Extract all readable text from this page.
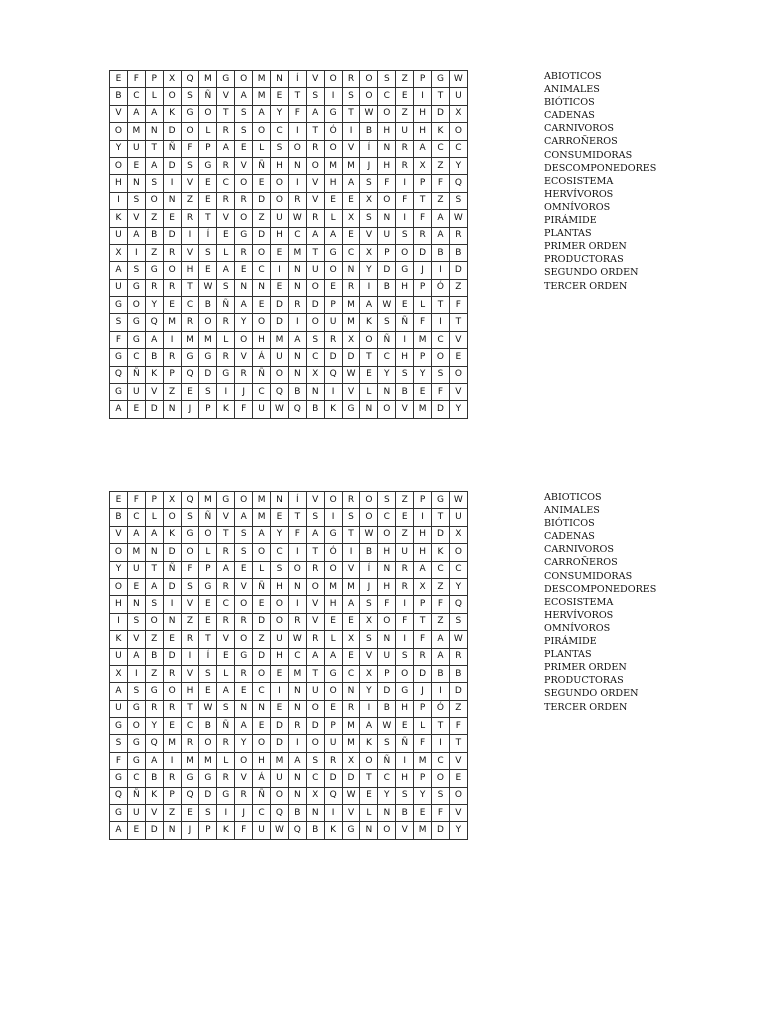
E	F	P	X	Q	M	G	O	M	N	Í	V	O	R	O	S	Z	P	G	W
B	C	L	O	S	Ñ	V	A	M	E	T	S	I	S	O	C	E	I	T	U
V	A	A	K	G	O	T	S	A	Y	F	A	G	T	W	O	Z	H	D	X
O	M	N	D	O	L	R	S	O	C	I	T	Ó	I	B	H	U	H	K	O
Y	U	T	Ñ	F	P	A	E	L	S	O	R	O	V	Í	N	R	A	C	C
O	E	A	D	S	G	R	V	Ñ	H	N	O	M	M	J	H	R	X	Z	Y
H	N	S	I	V	E	C	O	E	O	I	V	H	A	S	F	I	P	F	Q
I	S	O	N	Z	E	R	R	D	O	R	V	E	E	X	O	F	T	Z	S
K	V	Z	E	R	T	V	O	Z	U	W	R	L	X	S	N	I	F	A	W
U	A	B	D	I	Í	E	G	D	H	C	A	A	E	V	U	S	R	A	R
X	I	Z	R	V	S	L	R	O	E	M	T	G	C	X	P	O	D	B	B
A	S	G	O	H	E	A	E	C	I	N	U	O	N	Y	D	G	J	I	D
U	G	R	R	T	W	S	N	N	E	N	O	E	R	I	B	H	P	Ó	Z
G	O	Y	E	C	B	Ñ	A	E	D	R	D	P	M	A	W	E	L	T	F
S	G	Q	M	R	O	R	Y	O	D	I	O	U	M	K	S	Ñ	F	I	T
F	G	A	I	M	M	L	O	H	M	A	S	R	X	O	Ñ	I	M	C	V
G	C	B	R	G	G	R	V	Á	U	N	C	D	D	T	C	H	P	O	E
Q	Ñ	K	P	Q	D	G	R	Ñ	O	N	X	Q	W	E	Y	S	Y	S	O
G	U	V	Z	E	S	I	J	C	Q	B	N	I	V	L	N	B	E	F	V
A	E	D	N	J	P	K	F	U	W	Q	B	K	G	N	O	V	M	D	Y
ABIOTICOS
ANIMALES
BIÓTICOS
CADENAS
CARNIVOROS
CARROÑEROS
CONSUMIDORAS
DESCOMPONEDORES
ECOSISTEMA
HERVÍVOROS
OMNÍVOROS
PIRÁMIDE
PLANTAS
PRIMER ORDEN
PRODUCTORAS
SEGUNDO ORDEN
TERCER ORDEN
E	F	P	X	Q	M	G	O	M	N	Í	V	O	R	O	S	Z	P	G	W
B	C	L	O	S	Ñ	V	A	M	E	T	S	I	S	O	C	E	I	T	U
V	A	A	K	G	O	T	S	A	Y	F	A	G	T	W	O	Z	H	D	X
O	M	N	D	O	L	R	S	O	C	I	T	Ó	I	B	H	U	H	K	O
Y	U	T	Ñ	F	P	A	E	L	S	O	R	O	V	Í	N	R	A	C	C
O	E	A	D	S	G	R	V	Ñ	H	N	O	M	M	J	H	R	X	Z	Y
H	N	S	I	V	E	C	O	E	O	I	V	H	A	S	F	I	P	F	Q
I	S	O	N	Z	E	R	R	D	O	R	V	E	E	X	O	F	T	Z	S
K	V	Z	E	R	T	V	O	Z	U	W	R	L	X	S	N	I	F	A	W
U	A	B	D	I	Í	E	G	D	H	C	A	A	E	V	U	S	R	A	R
X	I	Z	R	V	S	L	R	O	E	M	T	G	C	X	P	O	D	B	B
A	S	G	O	H	E	A	E	C	I	N	U	O	N	Y	D	G	J	I	D
U	G	R	R	T	W	S	N	N	E	N	O	E	R	I	B	H	P	Ó	Z
G	O	Y	E	C	B	Ñ	A	E	D	R	D	P	M	A	W	E	L	T	F
S	G	Q	M	R	O	R	Y	O	D	I	O	U	M	K	S	Ñ	F	I	T
F	G	A	I	M	M	L	O	H	M	A	S	R	X	O	Ñ	I	M	C	V
G	C	B	R	G	G	R	V	Á	U	N	C	D	D	T	C	H	P	O	E
Q	Ñ	K	P	Q	D	G	R	Ñ	O	N	X	Q	W	E	Y	S	Y	S	O
G	U	V	Z	E	S	I	J	C	Q	B	N	I	V	L	N	B	E	F	V
A	E	D	N	J	P	K	F	U	W	Q	B	K	G	N	O	V	M	D	Y
ABIOTICOS
ANIMALES
BIÓTICOS
CADENAS
CARNIVOROS
CARROÑEROS
CONSUMIDORAS
DESCOMPONEDORES
ECOSISTEMA
HERVÍVOROS
OMNÍVOROS
PIRÁMIDE
PLANTAS
PRIMER ORDEN
PRODUCTORAS
SEGUNDO ORDEN
TERCER ORDEN
